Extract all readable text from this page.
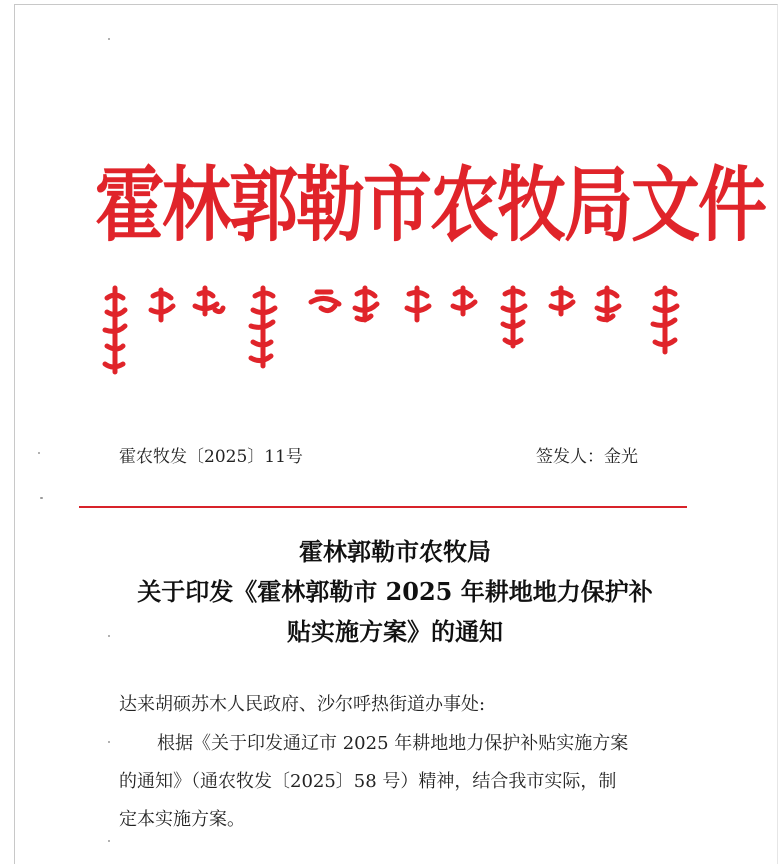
霍林郭勒市农牧局文件
霍农牧发〔2025〕11号	签发人：金光
霍林郭勒市农牧局
关于印发《霍林郭勒市 2025 年耕地地力保护补
贴实施方案》的通知
达来胡硕苏木人民政府、沙尔呼热街道办事处:
根据《关于印发通辽市 2025 年耕地地力保护补贴实施方案
的通知》（通农牧发〔2025〕58 号）精神，结合我市实际，制
定本实施方案。
